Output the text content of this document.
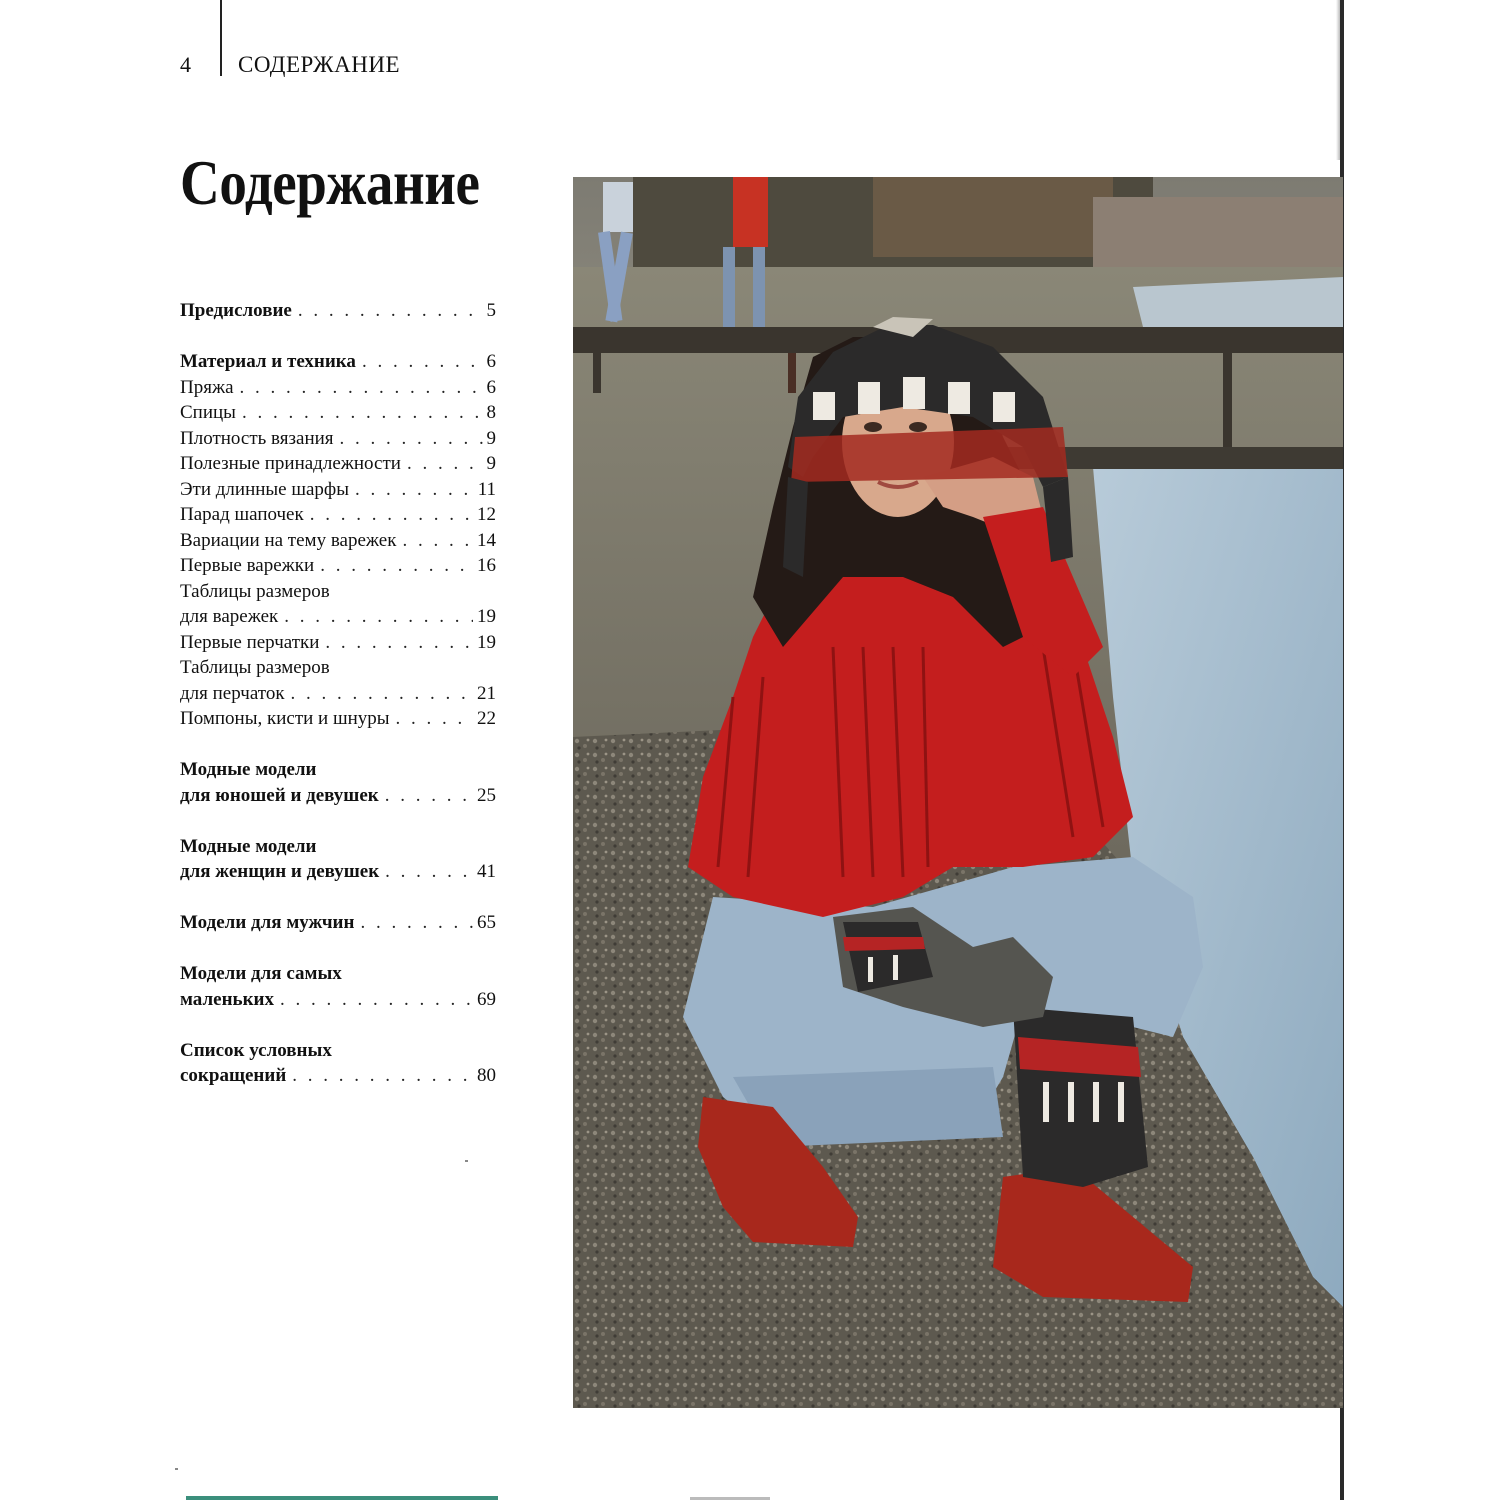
4 СОДЕРЖАНИЕ
Содержание
Предисловие . . .	5
Материал и техника . . .	6
Пряжа . . .	6
Спицы . . .	8
Плотность вязания . . .	9
Полезные принадлежности . . .	9
Эти длинные шарфы . . .	11
Парад шапочек . . .	12
Вариации на тему варежек . . .	14
Первые варежки . . .	16
Таблицы размеров
для варежек . . .	19
Первые перчатки . . .	19
Таблицы размеров
для перчаток . . .	21
Помпоны, кисти и шнуры . . .	22
Модные модели
для юношей и девушек . . .	25
Модные модели
для женщин и девушек . . .	41
Модели для мужчин . . .	65
Модели для самых
маленьких . . .	69
Список условных
сокращений . . .	80
